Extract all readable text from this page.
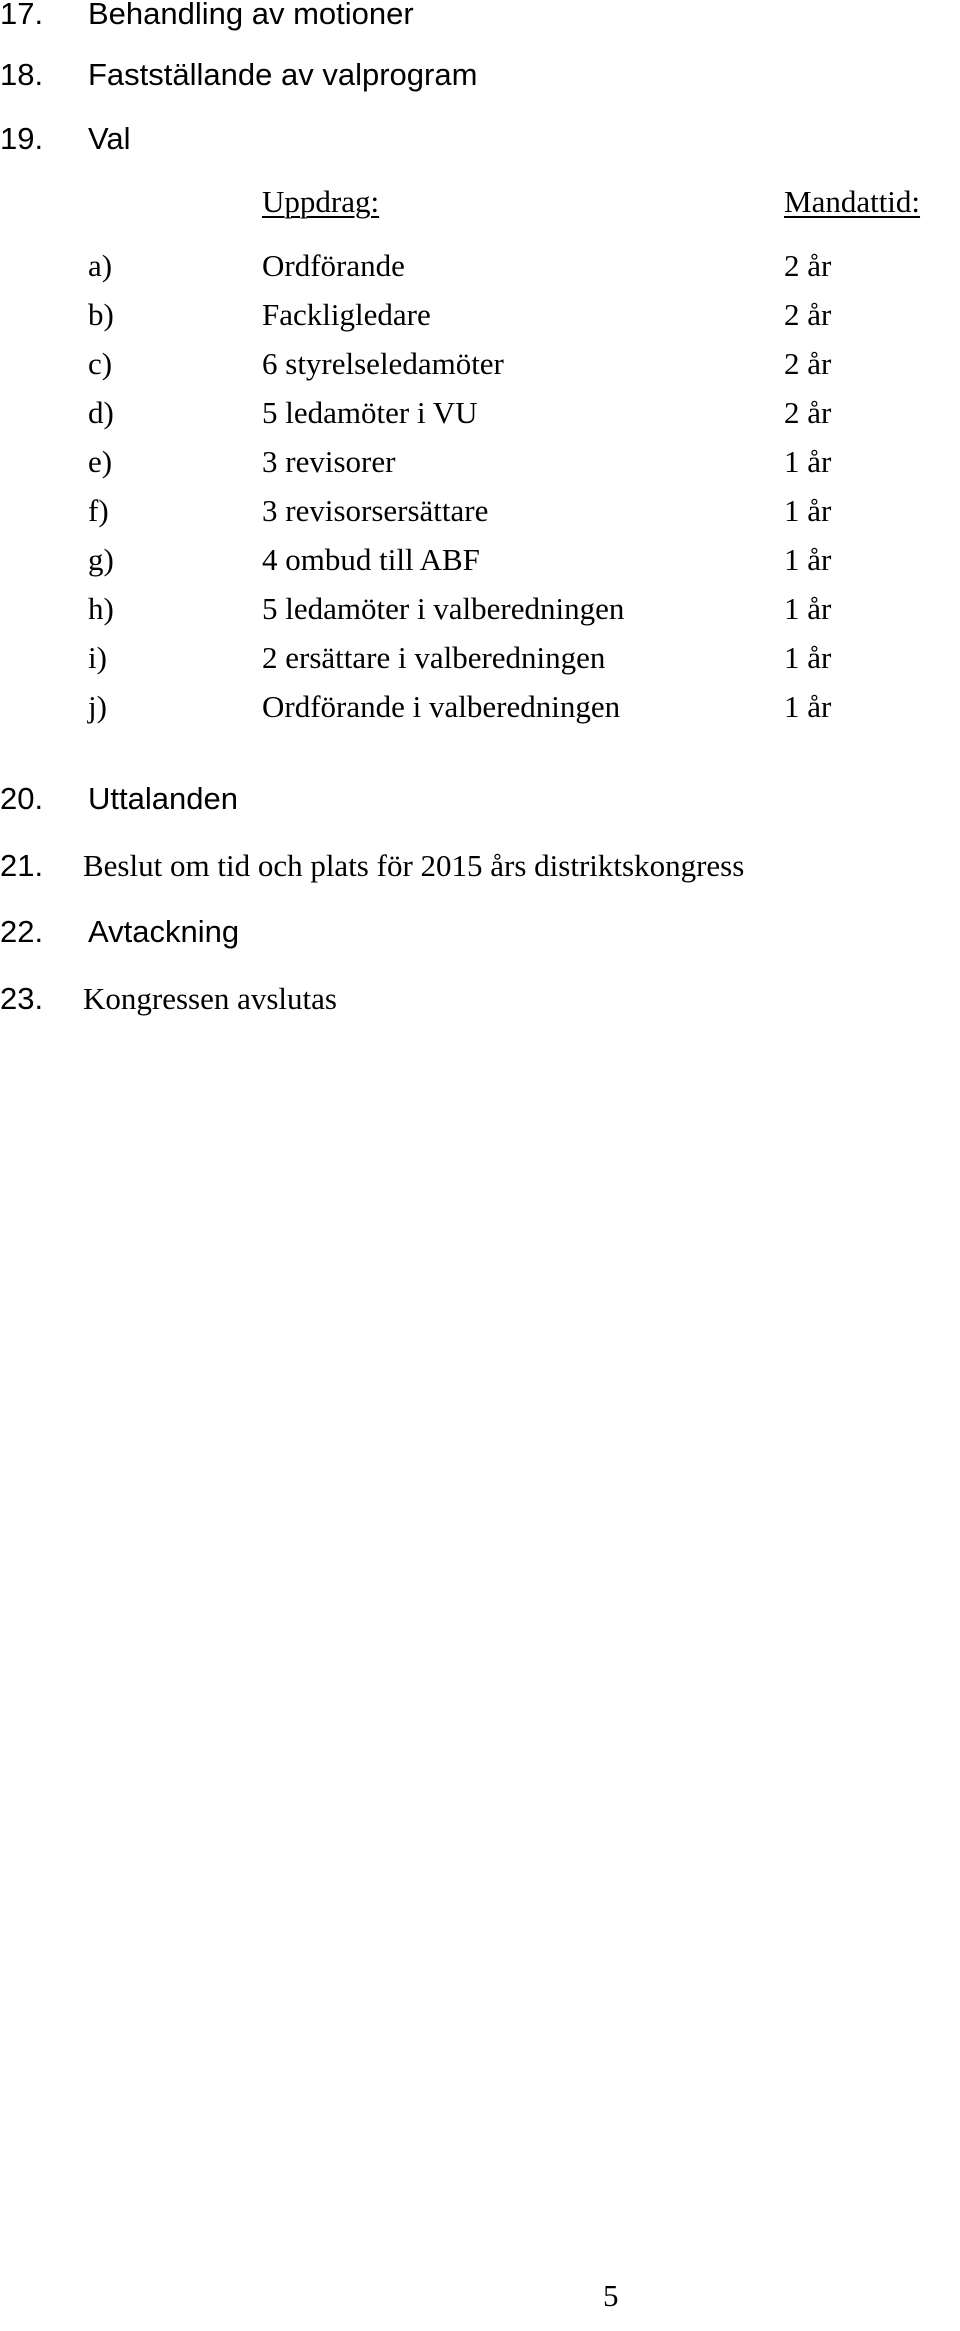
17. Behandling av motioner
18. Fastställande av valprogram
19. Val
Uppdrag:	Mandattid:
a)	Ordförande	2 år
b)	Fackligledare	2 år
c)	6 styrelseledamöter	2 år
d)	5 ledamöter i VU	2 år
e)	3 revisorer	1 år
f)	3 revisorsersättare	1 år
g)	4 ombud till ABF	1 år
h)	5 ledamöter i valberedningen	1 år
i)	2 ersättare i valberedningen	1 år
j)	Ordförande i valberedningen	1 år
20. Uttalanden
21. Beslut om tid och plats för 2015 års distriktskongress
22. Avtackning
23. Kongressen avslutas
5
